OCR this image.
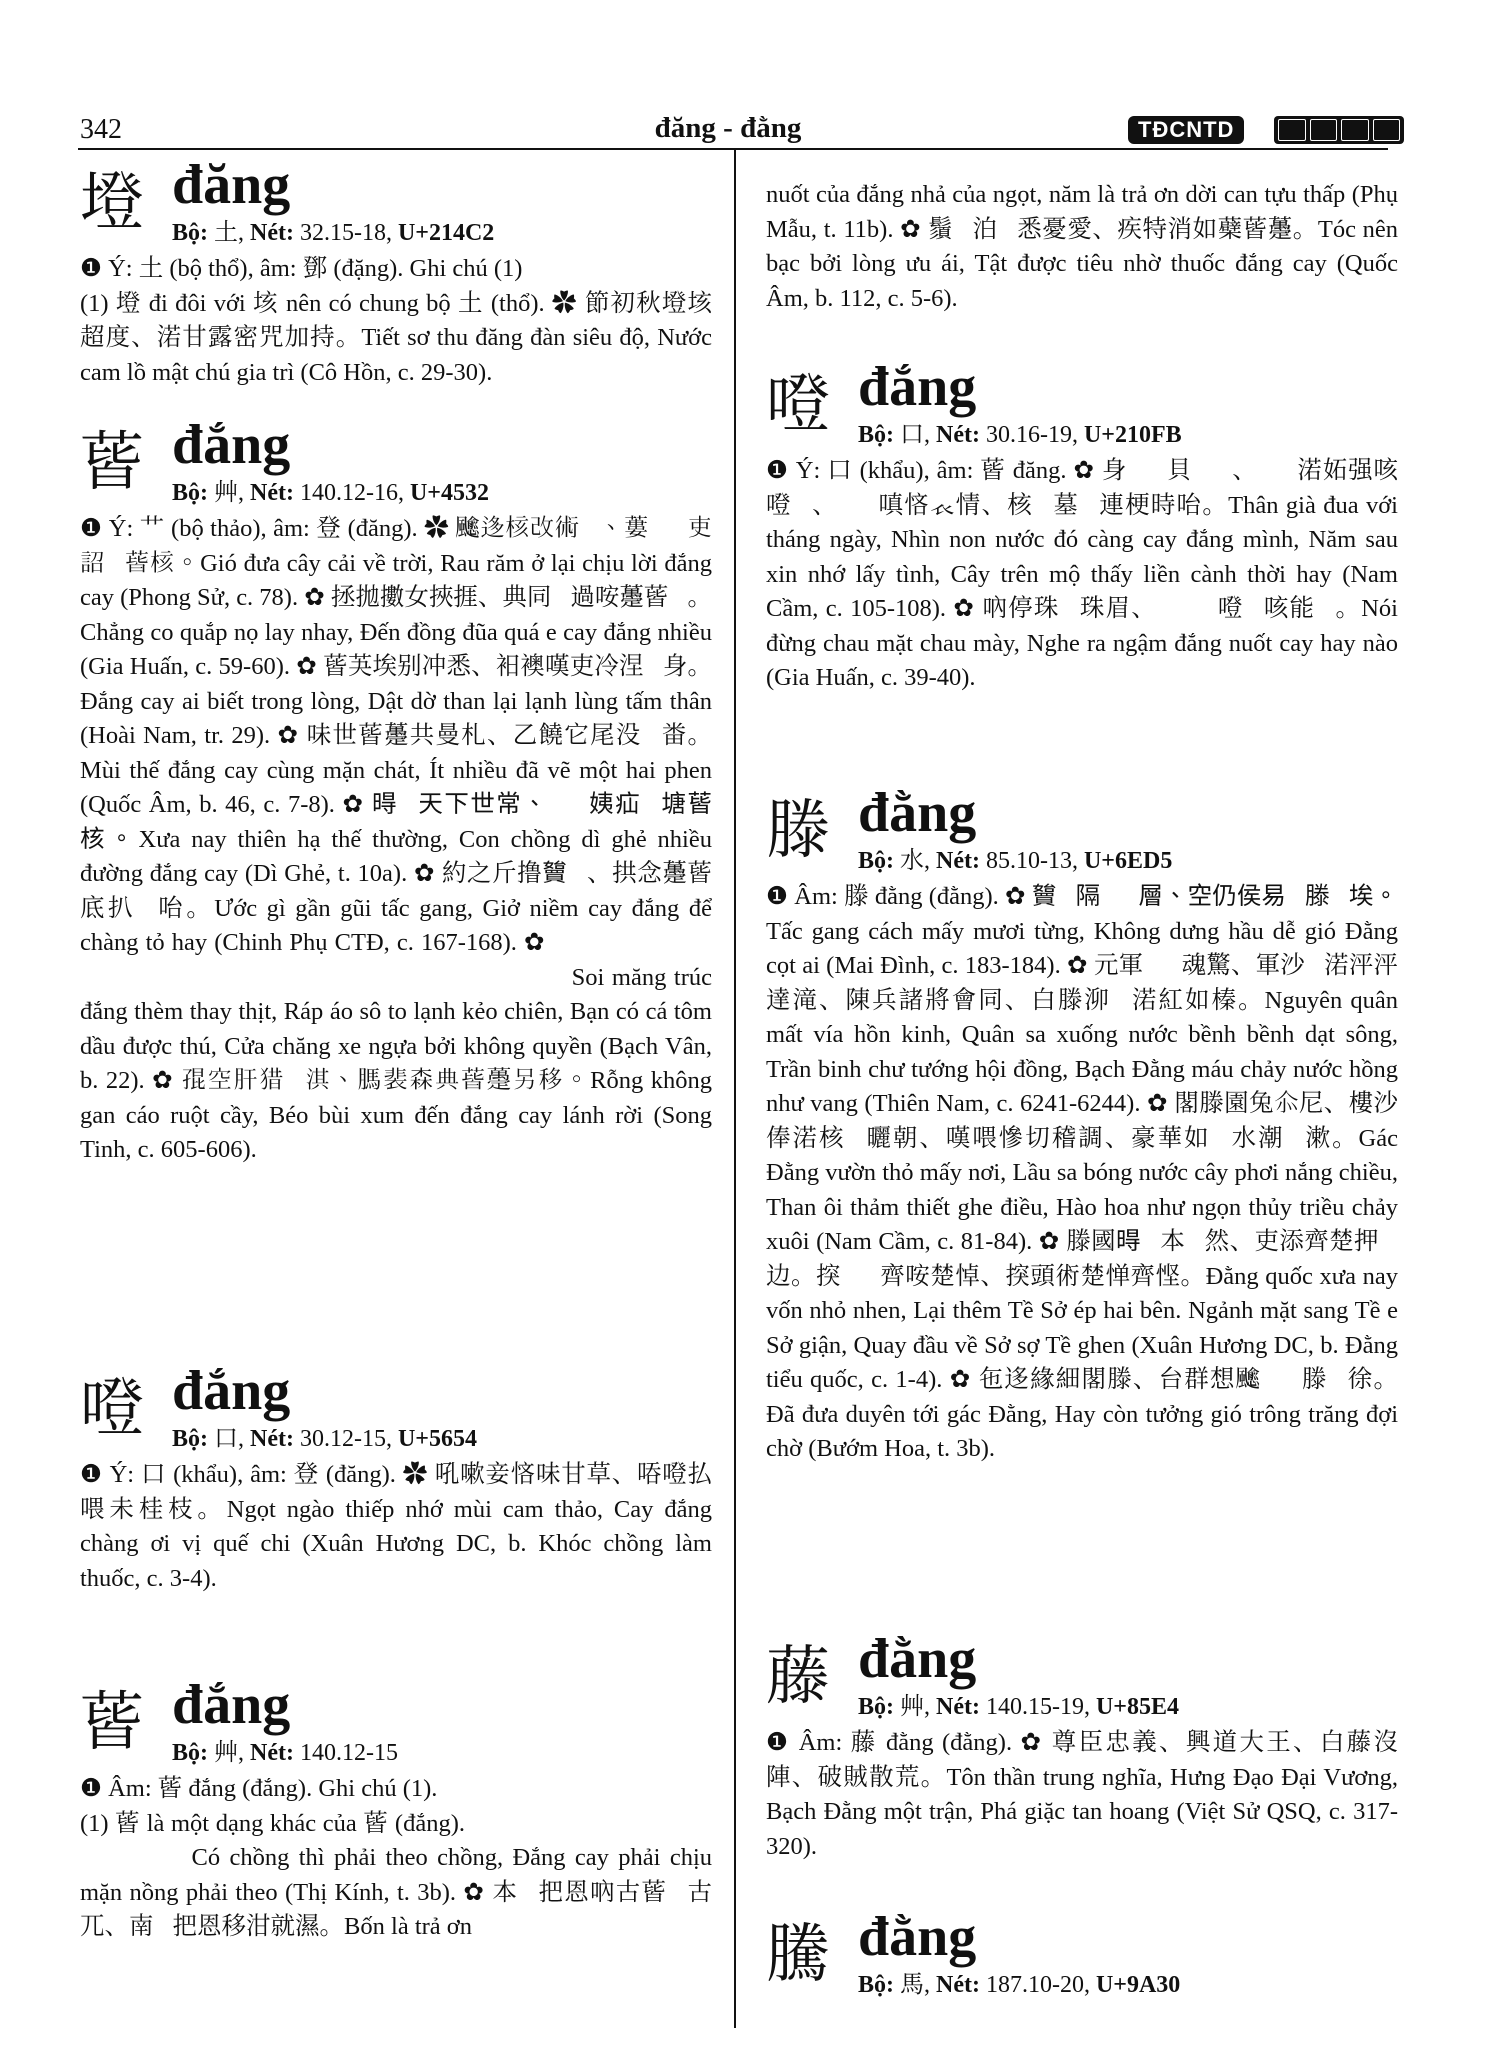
342	đăng - đằng	TĐCNTD
墱 đăng
Bộ: 土, Nét: 32.15-18, U+214C2

❶ Ý: 土 (bộ thổ), âm: 鄧 (đặng). Ghi chú (1)

(1) 墱 đi đôi với 垓 nên có chung bộ 土 (thổ). ✿ 節初秋墱垓超度、渃甘露密咒加持。Tiết sơ thu đăng đàn siêu độ, Nước cam lồ mật chú gia trì (Cô Hồn, c. 29-30).

蒈 đắng
Bộ: 艸, Nét: 140.12-16, U+4532

❶ Ý: 艹 (bộ thảo), âm: 登 (đăng). ✿ 𩙍迻核改術𡗶、蔞𦹳𤤰吏詔𠳨蒈核。Gió đưa cây cải về trời, Rau răm ở lại chịu lời đắng cay (Phong Sử, c. 78). ✿ 拯拋擻女挾捱、典同𥸩過咹𧄌蒈𩭼。Chẳng co quắp nọ lay nhay, Đến đồng đũa quá e cay đắng nhiều (Gia Huấn, c. 59-60). ✿ 蒈芵埃别冲悉、衵襖嘆吏冷涅𣍊身。Đắng cay ai biết trong lòng, Dật dờ than lại lạnh lùng tấm thân (Hoài Nam, tr. 29). ✿ 味世蒈𧄌共曼札、乙饒它尾没𨕭畨。Mùi thế đắng cay cùng mặn chát, Ít nhiều đã vẽ một hai phen (Quốc Âm, b. 46, c. 7-8). ✿ 𣈜𣅶天下世常、𫲸𡞕姨疝𩭼塘蒈核。Xưa nay thiên hạ thế thường, Con chồng dì ghẻ nhiều đường đắng cay (Dì Ghẻ, t. 10a). ✿ 約之斤撸𡤓𪬙、拱念𧄌蒈底扒𢣂咍。Ước gì gần gũi tấc gang, Giở niềm cay đắng để chàng tỏ hay (Chinh Phụ CTĐ, c. 167-168). ✿ 𤇮芒竹蒈饒台𦛿、拉襖𦺓蘇冷矯𤍶、伴固鮒鮑油特趣、閉庄車馭𪶁空權。Soi măng trúc đắng thèm thay thịt, Ráp áo sô to lạnh kẻo chiên, Bạn có cá tôm dầu được thú, Cửa chăng xe ngựa bởi không quyền (Bạch Vân, b. 22). ✿ 𡥵空肝猎𦛌淇、𦟐裴森典蒈𧄌另移。Rỗng không gan cáo ruột cầy, Béo bùi xum đến đắng cay lánh rời (Song Tinh, c. 605-606).

噔 đắng
Bộ: 口, Nét: 30.12-15, U+5654

❶ Ý: 口 (khẩu), âm: 登 (đăng). ✿ 吼嗽妾悋味甘草、㖔噔払喂未桂枝。Ngọt ngào thiếp nhớ mùi cam thảo, Cay đắng chàng ơi vị quế chi (Xuân Hương DC, b. Khóc chồng làm thuốc, c. 3-4).

蒈 đắng
Bộ: 艸, Nét: 140.12-15

❶ Âm: 蒈 đắng (đắng). Ghi chú (1).

(1) 蒈 là một dạng khác của 蒈 (đắng). ✿ 𨀈𡖡時沛蹺𡖡、蒈𧄌沛詔𠻃噥沛蹺。Có chồng thì phải theo chồng, Đắng cay phải chịu mặn nồng phải theo (Thị Kính, t. 3b). ✿ 本𠸗把恩吶古蒈𬩘古兀、南𠸗把恩移泔就濕。Bốn là trả ơn

nuốt của đắng nhả của ngọt, năm là trả ơn dời can tựu thấp (Phụ Mẫu, t. 11b). ✿ 鬚𩯀泊𪶁悉憂愛、疾特消如蘗蒈𧄌。Tóc nên bạc bởi lòng ưu ái, Tật được tiêu nhờ thuốc đắng cay (Quốc Âm, b. 112, c. 5-6).

噔 đắng
Bộ: 口, Nét: 30.16-19, U+210FB

❶ Ý: 口 (khẩu), âm: 蒈 đăng. ✿ 身𦟖𨀈貝𦝄𨋣、𥊚𡮈渃妬强咳噔𨉟、𨀈𥈸嗔悋𧘇情、核𨑗墓𥆾連梗時咍。Thân già đua với tháng ngày, Nhìn non nước đó càng cay đắng mình, Năm sau xin nhớ lấy tình, Cây trên mộ thấy liền cành thời hay (Nam Cầm, c. 105-108). ✿ 吶停珠𥈺珠眉、𥊚𪶁𣻆噔𠻃咳能𣃱。Nói đừng chau mặt chau mày, Nghe ra ngậm đắng nuốt cay hay nào (Gia Huấn, c. 39-40).

滕 đằng
Bộ: 水, Nét: 85.10-13, U+6ED5

❶ Âm: 滕 đằng (đằng). ✿ 𡤓𪬙隔𠇍𨑮層、空仍侯易𩙍滕𥗾埃。Tấc gang cách mấy mươi từng, Không dưng hầu dễ gió Đằng cọt ai (Mai Đình, c. 183-184). ✿ 元軍𣅶𡉦魂驚、軍沙𠾕渃泙泙達滝、陳兵諸將會同、白滕泖𣴜渃紅如榛。Nguyên quân mất vía hồn kinh, Quân sa xuống nước bềnh bềnh dạt sông, Trần binh chư tướng hội đồng, Bạch Đằng máu chảy nước hồng như vang (Thiên Nam, c. 6241-6244). ✿ 閣滕園兔𠇍尼、樓沙俸渃核𣊾曬朝、嘆喂慘切稽調、豪華如𦹵水潮𣴜漱。Gác Đằng vườn thỏ mấy nơi, Lầu sa bóng nước cây phơi nắng chiều, Than ôi thảm thiết ghe điều, Hào hoa như ngọn thủy triều chảy xuôi (Nam Cầm, c. 81-84). ✿ 滕國𣈜𣅶本𣴭然、吏添齊楚押𨕭边。揬𥈺𨖲齊咹楚悼、揬頭術楚惮齊悭。Đằng quốc xưa nay vốn nhỏ nhen, Lại thêm Tề Sở ép hai bên. Ngảnh mặt sang Tề e Sở giận, Quay đầu về Sở sợ Tề ghen (Xuân Hương DC, b. Đằng tiểu quốc, c. 1-4). ✿ 㐌迻緣細閣滕、台群想𩙍𪮊𩄲滕𡗶徐。Đã đưa duyên tới gác Đằng, Hay còn tưởng gió trông trăng đợi chờ (Bướm Hoa, t. 3b).

藤 đằng
Bộ: 艸, Nét: 140.15-19, U+85E4

❶ Âm: 藤 đằng (đằng). ✿ 尊臣忠義、興道大王、白藤沒陣、破賊散荒。Tôn thần trung nghĩa, Hưng Đạo Đại Vương, Bạch Đằng một trận, Phá giặc tan hoang (Việt Sử QSQ, c. 317-320).

騰 đằng
Bộ: 馬, Nét: 187.10-20, U+9A30
